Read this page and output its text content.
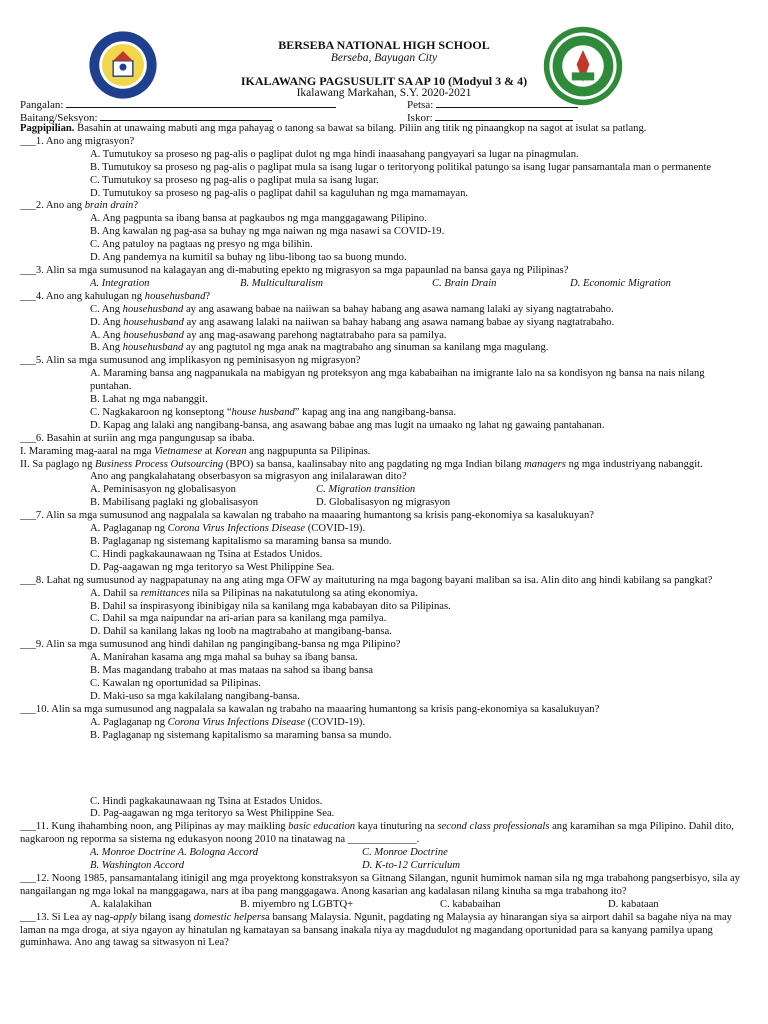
BERSEBA NATIONAL HIGH SCHOOL
Berseba, Bayugan City
IKALAWANG PAGSUSULIT SA AP 10 (Modyul 3 & 4)
Ikalawang Markahan, S.Y. 2020-2021
Pangalan:	Petsa:
Baitang/Seksyon:	Iskor:

Pagpipilian. Basahin at unawaing mabuti ang mga pahayag o tanong sa bawat sa bilang. Piliin ang titik ng pinaangkop na sagot at isulat sa patlang.

___1. Ano ang migrasyon?

A. Tumutukoy sa proseso ng pag-alis o paglipat dulot ng mga hindi inaasahang pangyayari sa lugar na pinagmulan.

B. Tumutukoy sa proseso ng pag-alis o paglipat mula sa isang lugar o teritoryong politikal patungo sa isang lugar pansamantala man o permanente

C. Tumutukoy sa proseso ng pag-alis o paglipat mula sa isang lugar.

D. Tumutukoy sa proseso ng pag-alis o paglipat dahil sa kaguluhan ng mga mamamayan.

___2. Ano ang brain drain?

A. Ang pagpunta sa ibang bansa at pagkaubos ng mga manggagawang Pilipino.

B. Ang kawalan ng pag-asa sa buhay ng mga naiwan ng mga nasawi sa COVID-19.

C. Ang patuloy na pagtaas ng presyo ng mga bilihin.

D. Ang pandemya na kumitil sa buhay ng libu-libong tao sa buong mundo.

___3. Alin sa mga sumusunod na kalagayan ang di-mabuting epekto ng migrasyon sa mga papaunlad na bansa gaya ng Pilipinas?

A. Integration	B. Multiculturalism	C. Brain Drain	D. Economic Migration

___4. Ano ang kahulugan ng househusband?

C. Ang househusband ay ang asawang babae na naiiwan sa bahay habang ang asawa namang lalaki ay siyang nagtatrabaho.

D. Ang househusband ay ang asawang lalaki na naiiwan sa bahay habang ang asawa namang babae ay siyang nagtatrabaho.

A. Ang househusband ay ang mag-asawang parehong nagtatrabaho para sa pamilya.

B. Ang househusband ay ang pagtutol ng mga anak na magtrabaho ang sinuman sa kanilang mga magulang.

___5. Alin sa mga sumusunod ang implikasyon ng peminisasyon ng migrasyon?

A. Maraming bansa ang nagpanukala na mabigyan ng proteksyon ang mga kababaihan na imigrante lalo na sa kondisyon ng bansa na nais nilang puntahan.

B. Lahat ng mga nabanggit.

C. Nagkakaroon ng konseptong “house husband” kapag ang ina ang nangibang-bansa.

D. Kapag ang lalaki ang nangibang-bansa, ang asawang babae ang mas lugit na umaako ng lahat ng gawaing pantahanan.

___6. Basahin at suriin ang mga pangungusap sa ibaba.

I. Maraming mag-aaral na mga Vietnamese at Korean ang nagpupunta sa Pilipinas.

II. Sa paglago ng Business Process Outsourcing (BPO) sa bansa, kaalinsabay nito ang pagdating ng mga Indian bilang managers ng mga industriyang nabanggit.

Ano ang pangkalahatang obserbasyon sa migrasyon ang inilalarawan dito?

A. Peminisasyon ng globalisasyon	C. Migration transition

B. Mabilisang paglaki ng globalisasyon	D. Globalisasyon ng migrasyon

___7. Alin sa mga sumusunod ang nagpalala sa kawalan ng trabaho na maaaring humantong sa krisis pang-ekonomiya sa kasalukuyan?

A. Paglaganap ng Corona Virus Infections Disease (COVID-19).

B. Paglaganap ng sistemang kapitalismo sa maraming bansa sa mundo.

C. Hindi pagkakaunawaan ng Tsina at Estados Unidos.

D. Pag-aagawan ng mga teritoryo sa West Philippine Sea.

___8. Lahat ng sumusunod ay nagpapatunay na ang ating mga OFW ay maituturing na mga bagong bayani maliban sa isa. Alin dito ang hindi kabilang sa pangkat?

A. Dahil sa remittances nila sa Pilipinas na nakatutulong sa ating ekonomiya.

B. Dahil sa inspirasyong ibinibigay nila sa kanilang mga kababayan dito sa Pilipinas.

C. Dahil sa mga naipundar na ari-arian para sa kanilang mga pamilya.

D. Dahil sa kanilang lakas ng loob na magtrabaho at mangibang-bansa.

___9. Alin sa mga sumusunod ang hindi dahilan ng pangingibang-bansa ng mga Pilipino?

A. Manirahan kasama ang mga mahal sa buhay sa ibang bansa.

B. Mas magandang trabaho at mas mataas na sahod sa ibang bansa

C. Kawalan ng oportunidad sa Pilipinas.

D. Maki-uso sa mga kakilalang nangibang-bansa.

___10. Alin sa mga sumusunod ang nagpalala sa kawalan ng trabaho na maaaring humantong sa krisis pang-ekonomiya sa kasalukuyan?

A. Paglaganap ng Corona Virus Infections Disease (COVID-19).

B. Paglaganap ng sistemang kapitalismo sa maraming bansa sa mundo.

C. Hindi pagkakaunawaan ng Tsina at Estados Unidos.

D. Pag-aagawan ng mga teritoryo sa West Philippine Sea.

___11. Kung ihahambing noon, ang Pilipinas ay may maikling basic education kaya tinuturing na second class professionals ang karamihan sa mga Pilipino. Dahil dito, nagkaroon ng reporma sa sistema ng edukasyon noong 2010 na tinatawag na _____________.

A. Monroe Doctrine A. Bologna Accord	C. Monroe Doctrine

B. Washington Accord	D. K-to-12 Curriculum

___12. Noong 1985, pansamantalang itinigil ang mga proyektong konstraksyon sa Gitnang Silangan, ngunit humimok naman sila ng mga trabahong pangserbisyo, sila ay nangailangan ng mga lokal na manggagawa, nars at iba pang manggagawa. Anong kasarian ang kadalasan nilang kinuha sa mga trabahong ito?

A. kalalakihan	B. miyembro ng LGBTQ+	C. kababaihan	D. kabataan

___13. Si Lea ay nag-apply bilang isang domestic helpersa bansang Malaysia. Ngunit, pagdating ng Malaysia ay hinarangan siya sa airport dahil sa bagahe niya na may laman na mga droga, at siya ngayon ay hinatulan ng kamatayan sa bansang inakala niya ay magdudulot ng magandang oportunidad para sa kanyang pamilya upang guminhawa. Ano ang tawag sa sitwasyon ni Lea?
